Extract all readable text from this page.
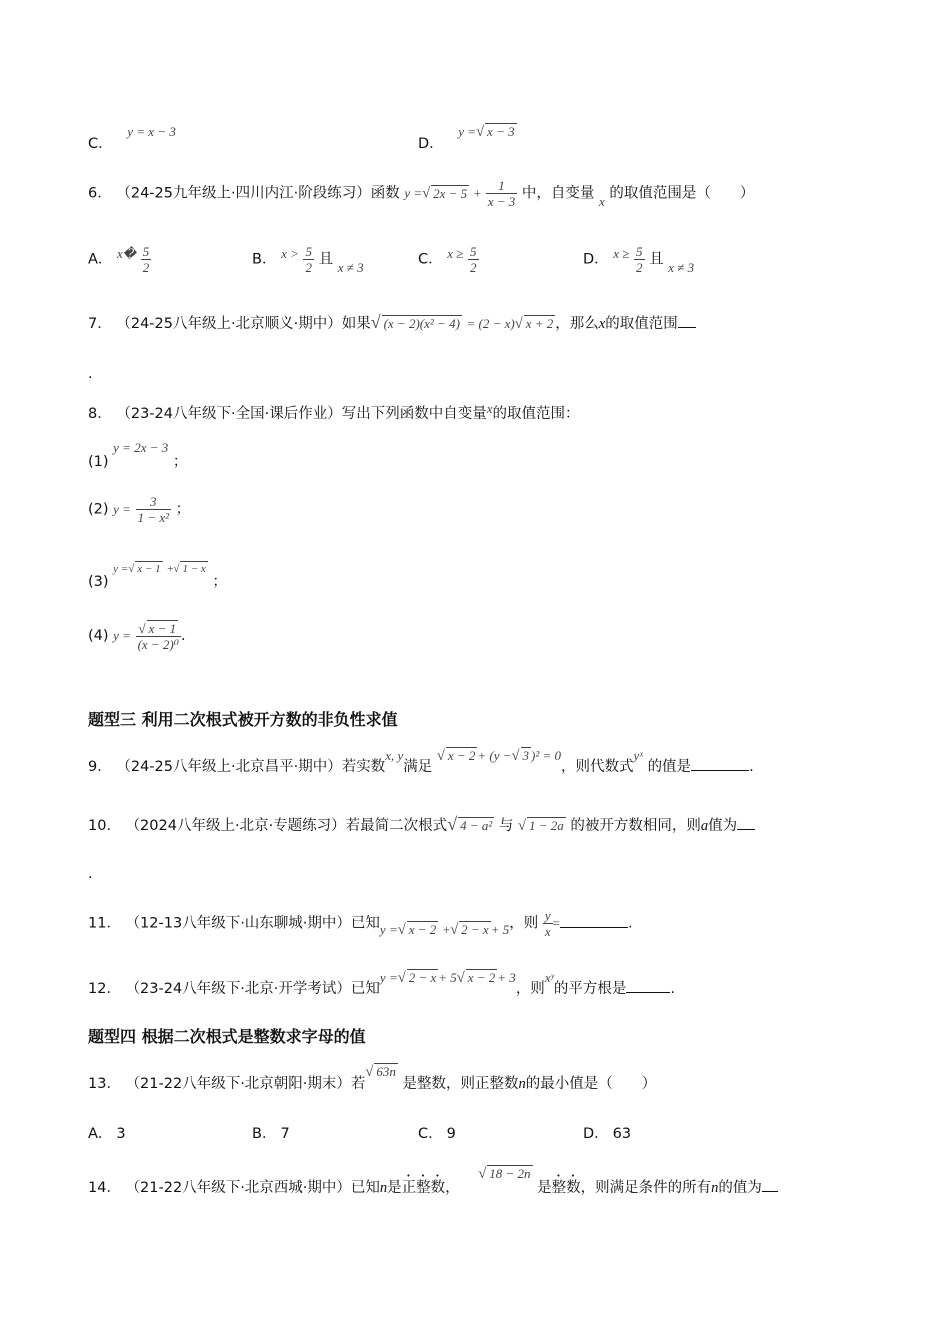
C． y = x − 3
D． y =√ x − 3
6． （24-25九年级上·四川内江·阶段练习）函数 y =√ $2x - 5 + \frac{1}{x - 3}$ 中，自变量 x 的取值范围是（　　）
A． x� $\frac{5}{2}$	B． $x > \frac{5}{2}$ 且 x ≠ 3	C． $x \ge \frac{5}{2}$	D． $x \ge \frac{5}{2}$ 且 x ≠ 3
7． （24-25八年级上·北京顺义·期中）如果√ (x − 2)(x² − 4) = (2 − x)√ x + 2 ，那么x的取值范围
.
8． （23-24八年级下·全国·课后作业）写出下列函数中自变量x的取值范围：
(1) y = 2x − 3 ；
(2) $y = \frac{3}{\text{1 − x²}}$ ；
(3) y =√ x − 1 +√ 1 − x ；
(4) $y = \frac{√ x - 1}{\text{(x − 2)⁰}}$ .
题型三 利用二次根式被开方数的非负性求值
9． （24-25八年级上·北京昌平·期中）若实数x, y满足 √ x − 2 + (y −√ 3 )² = 0，则代数式yˣ 的值是	.
10． （2024八年级上·北京·专题练习）若最简二次根式√ 4 − a² 与 √ 1 − 2a 的被开方数相同，则a值为
.
11． （12-13八年级下·山东聊城·期中）已知y =√ x − 2 +√ 2 − x + 5，则 $\frac{y}{x}$ =	.
12． （23-24八年级下·北京·开学考试）已知y =√ 2 − x + 5√ x − 2 + 3，则xʸ的平方根是	.
题型四 根据二次根式是整数求字母的值
13． （21-22八年级下·北京朝阳·期末）若√ 63n 是整数，则正整数n的最小值是（　　）
A． 3	B． 7	C． 9	D． 63
14． （21-22八年级下·北京西城·期中）已知n是正整数， √ 18 − 2n 是整数，则满足条件的所有n的值为
